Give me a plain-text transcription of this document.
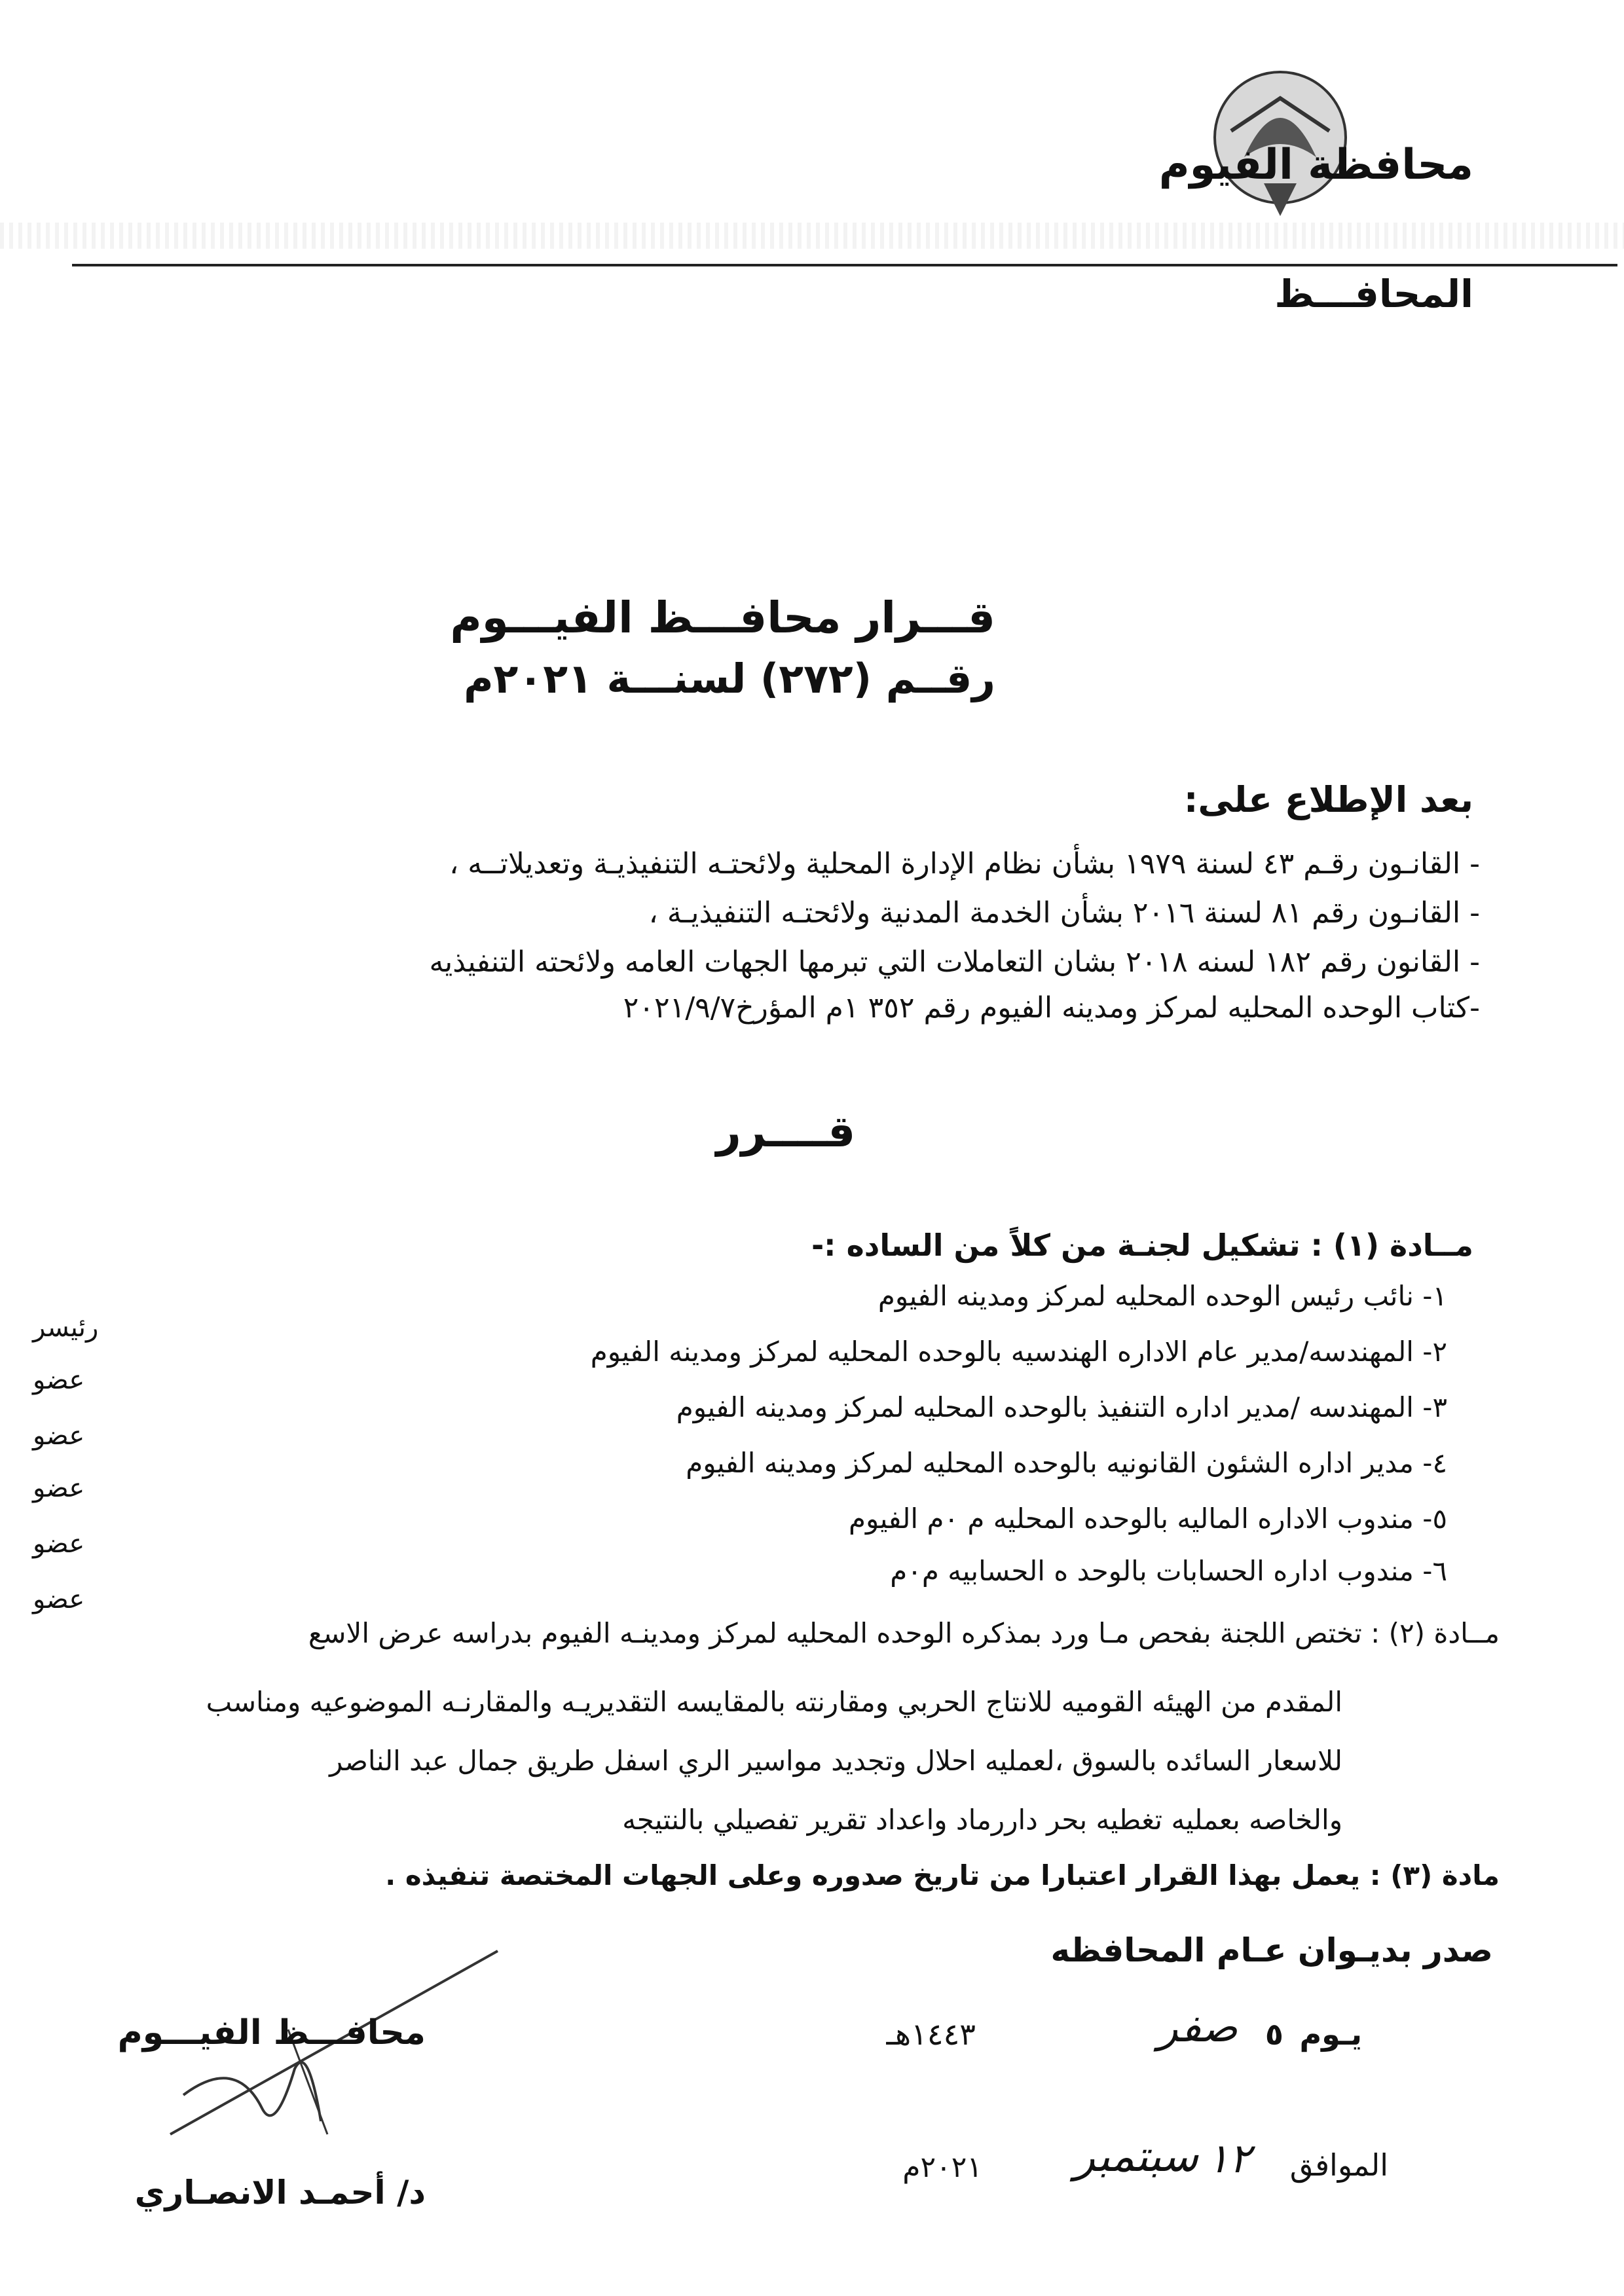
محافظة الفيوم
المحافـــظ
قـــرار محافـــظ الفيـــوم
رقــم (٢٧٢) لسنـــة ٢٠٢١م
بعد الإطلاع على:
- القانـون رقـم ٤٣ لسنة ١٩٧٩ بشأن نظام الإدارة المحلية ولائحتـه التنفيذيـة وتعديلاتــه ،
- القانـون رقم ٨١ لسنة ٢٠١٦ بشأن الخدمة المدنية ولائحتـه التنفيذيـة ،
- القانون رقم ١٨٢ لسنه ٢٠١٨ بشان التعاملات التي تبرمها الجهات العامه ولائحته التنفيذيه
-كتاب الوحده المحليه لمركز ومدينه الفيوم رقم ٣٥٢ ١م المؤرخ٢٠٢١/٩/٧
قــــرر
مــادة (١) : تشكيل لجنـة من كلاً من الساده :-
١- نائب رئيس الوحده المحليه لمركز ومدينه الفيوم
رئيسر
٢- المهندسه/مدير عام الاداره الهندسيه بالوحده المحليه لمركز ومدينه الفيوم
عضو
٣- المهندسه /مدير اداره التنفيذ بالوحده المحليه لمركز ومدينه الفيوم
عضو
٤- مدير اداره الشئون القانونيه بالوحده المحليه لمركز ومدينه الفيوم
عضو
٥- مندوب الاداره الماليه بالوحده المحليه م ٠م الفيوم
عضو
٦- مندوب اداره الحسابات بالوحد ه الحسابيه م٠م
عضو
مــادة (٢) : تختص اللجنة بفحص مـا ورد بمذكره الوحده المحليه لمركز ومدينـه الفيوم بدراسه عرض الاسع
المقدم من الهيئه القوميه للانتاج الحربي ومقارنته بالمقايسه التقديريـه والمقارنـه الموضوعيه ومناسب
للاسعار السائده بالسوق ،لعمليه احلال وتجديد مواسير الري اسفل طريق جمال عبد الناصر
والخاصه بعمليه تغطيه بحر داررماد واعداد تقرير تفصيلي بالنتيجه
مادة (٣) : يعمل بهذا القرار اعتبارا من تاريخ صدوره وعلى الجهات المختصة تنفيذه .
صدر بديـوان عـام المحافظه
يـوم
٥
صفر
١٤٤٣هـ
الموافق
١٢
سبتمبر
٢٠٢١م
محافـــظ الفيـــوم
د/ أحمـد الانصـاري
